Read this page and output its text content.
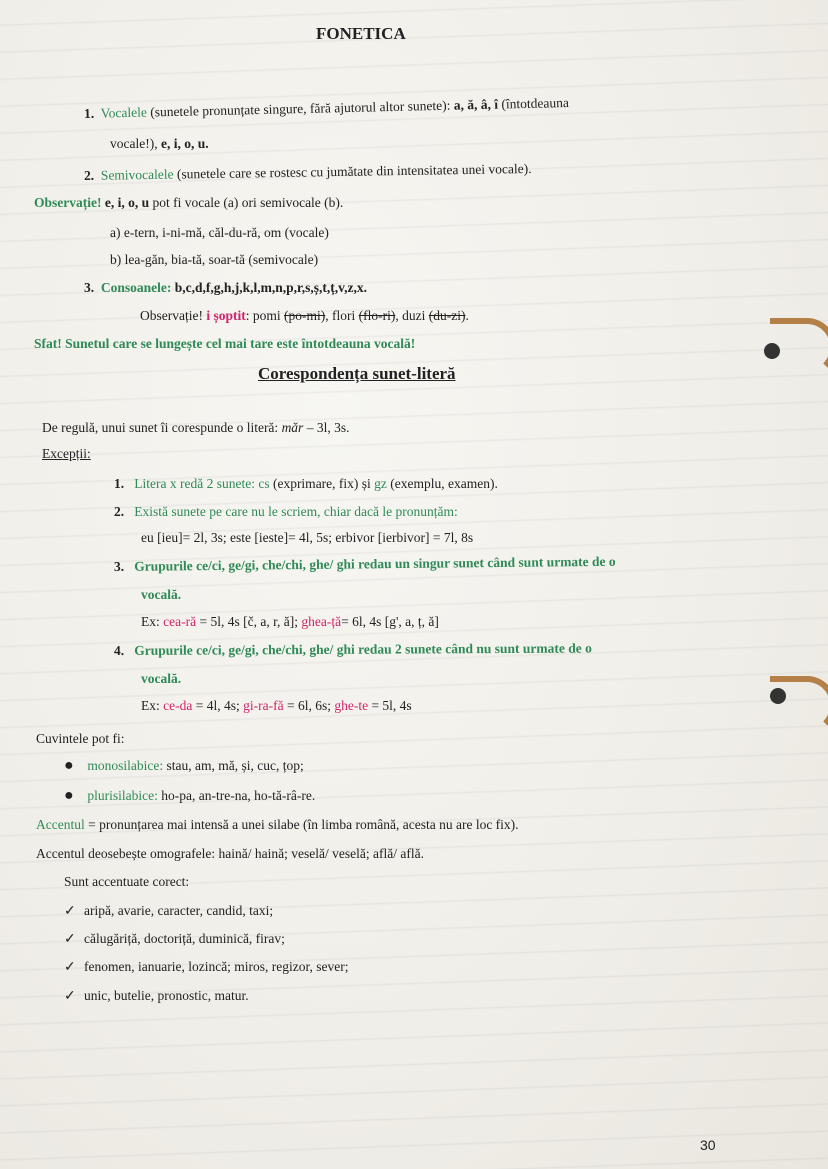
FONETICA
1. Vocalele (sunetele pronunțate singure, fără ajutorul altor sunete): a, ă, â, î (întotdeauna
vocale!), e, i, o, u.
2. Semivocalele (sunetele care se rostesc cu jumătate din intensitatea unei vocale).
Observație! e, i, o, u pot fi vocale (a) ori semivocale (b).
a) e-tern, i-ni-mă, căl-du-ră, om (vocale)
b) lea-găn, bia-tă, soar-tă (semivocale)
3. Consoanele: b,c,d,f,g,h,j,k,l,m,n,p,r,s,ș,t,ț,v,z,x.
Observație! i șoptit: pomi (po-mi), flori (flo-ri), duzi (du-zi).
Sfat! Sunetul care se lungește cel mai tare este întotdeauna vocală!
Corespondența sunet-literă
De regulă, unui sunet îi corespunde o literă: măr – 3l, 3s.
Excepții:
1. Litera x redă 2 sunete: cs (exprimare, fix) și gz (exemplu, examen).
2. Există sunete pe care nu le scriem, chiar dacă le pronunțăm:
eu [ieu]= 2l, 3s; este [ieste]= 4l, 5s; erbivor [ierbivor] = 7l, 8s
3. Grupurile ce/ci, ge/gi, che/chi, ghe/ ghi redau un singur sunet când sunt urmate de o
vocală.
Ex: cea-ră = 5l, 4s [č, a, r, ă]; ghea-ță= 6l, 4s [g', a, ț, ă]
4. Grupurile ce/ci, ge/gi, che/chi, ghe/ ghi redau 2 sunete când nu sunt urmate de o
vocală.
Ex: ce-da = 4l, 4s; gi-ra-fă = 6l, 6s; ghe-te = 5l, 4s
Cuvintele pot fi:
● monosilabice: stau, am, mă, și, cuc, țop;
● plurisilabice: ho-pa, an-tre-na, ho-tă-râ-re.
Accentul = pronunțarea mai intensă a unei silabe (în limba română, acesta nu are loc fix).
Accentul deosebește omografele: haină/ haină; veselă/ veselă; află/ află.
Sunt accentuate corect:
✓ aripă, avarie, caracter, candid, taxi;
✓ călugăriță, doctoriță, duminică, firav;
✓ fenomen, ianuarie, lozincă; miros, regizor, sever;
✓ unic, butelie, pronostic, matur.
30
